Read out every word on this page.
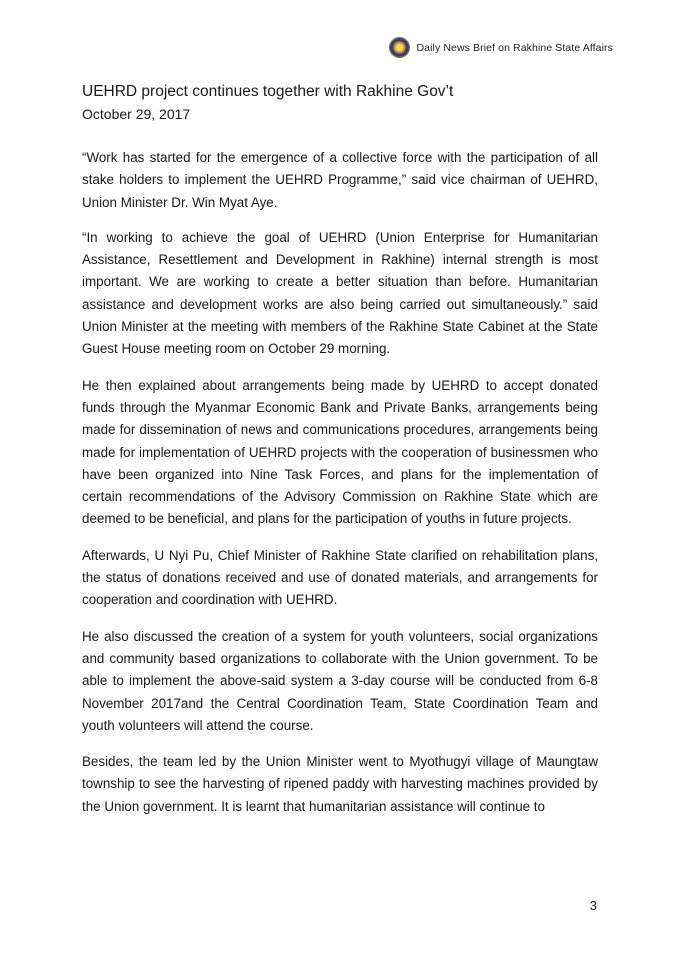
Daily News Brief on Rakhine State Affairs
UEHRD project continues together with Rakhine Gov’t

October 29, 2017

“Work has started for the emergence of a collective force with the participation of all stake holders to implement the UEHRD Programme,” said vice chairman of UEHRD, Union Minister Dr. Win Myat Aye.

“In working to achieve the goal of UEHRD (Union Enterprise for Humanitarian Assistance, Resettlement and Development in Rakhine) internal strength is most important. We are working to create a better situation than before. Humanitarian assistance and development works are also being carried out simultaneously.” said Union Minister at the meeting with members of the Rakhine State Cabinet at the State Guest House meeting room on October 29 morning.

He then explained about arrangements being made by UEHRD to accept donated funds through the Myanmar Economic Bank and Private Banks, arrangements being made for dissemination of news and communications procedures, arrangements being made for implementation of UEHRD projects with the cooperation of businessmen who have been organized into Nine Task Forces, and plans for the implementation of certain recommendations of the Advisory Commission on Rakhine State which are deemed to be beneficial, and plans for the participation of youths in future projects.

Afterwards, U Nyi Pu, Chief Minister of Rakhine State clarified on rehabilitation plans, the status of donations received and use of donated materials, and arrangements for cooperation and coordination with UEHRD.

He also discussed the creation of a system for youth volunteers, social organizations and community based organizations to collaborate with the Union government. To be able to implement the above-said system a 3-day course will be conducted from 6-8 November 2017and the Central Coordination Team, State Coordination Team and youth volunteers will attend the course.

Besides, the team led by the Union Minister went to Myothugyi village of Maungtaw township to see the harvesting of ripened paddy with harvesting machines provided by the Union government. It is learnt that humanitarian assistance will continue to

3
